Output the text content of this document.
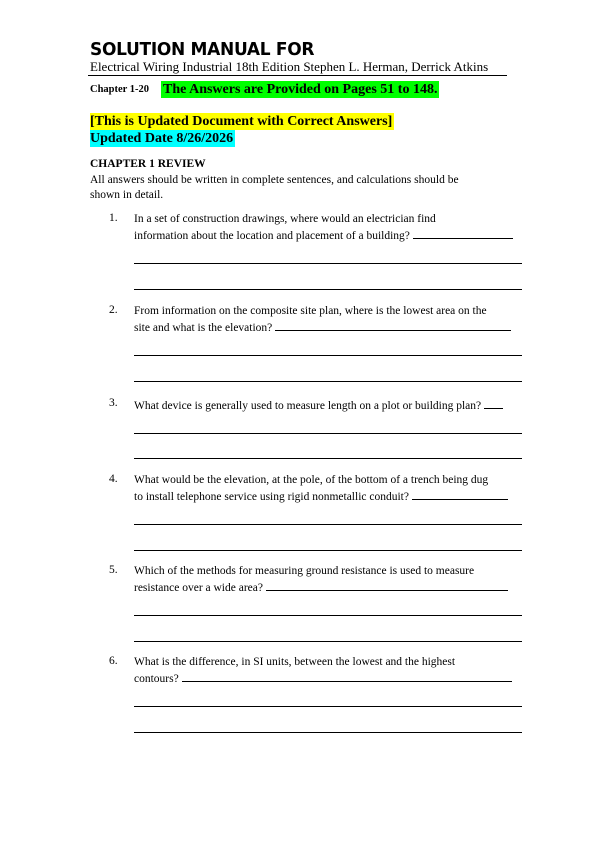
SOLUTION MANUAL FOR
Electrical Wiring Industrial 18th Edition Stephen L. Herman, Derrick Atkins
Chapter 1-20 The Answers are Provided on Pages 51 to 148.
[This is Updated Document with Correct Answers]
Updated Date 8/26/2026
CHAPTER 1 REVIEW
All answers should be written in complete sentences, and calculations should be shown in detail.
1. In a set of construction drawings, where would an electrician find
information about the location and placement of a building?
2. From information on the composite site plan, where is the lowest area on the
site and what is the elevation?
3. What device is generally used to measure length on a plot or building plan?
4. What would be the elevation, at the pole, of the bottom of a trench being dug
to install telephone service using rigid nonmetallic conduit?
5. Which of the methods for measuring ground resistance is used to measure
resistance over a wide area?
6. What is the difference, in SI units, between the lowest and the highest
contours?
